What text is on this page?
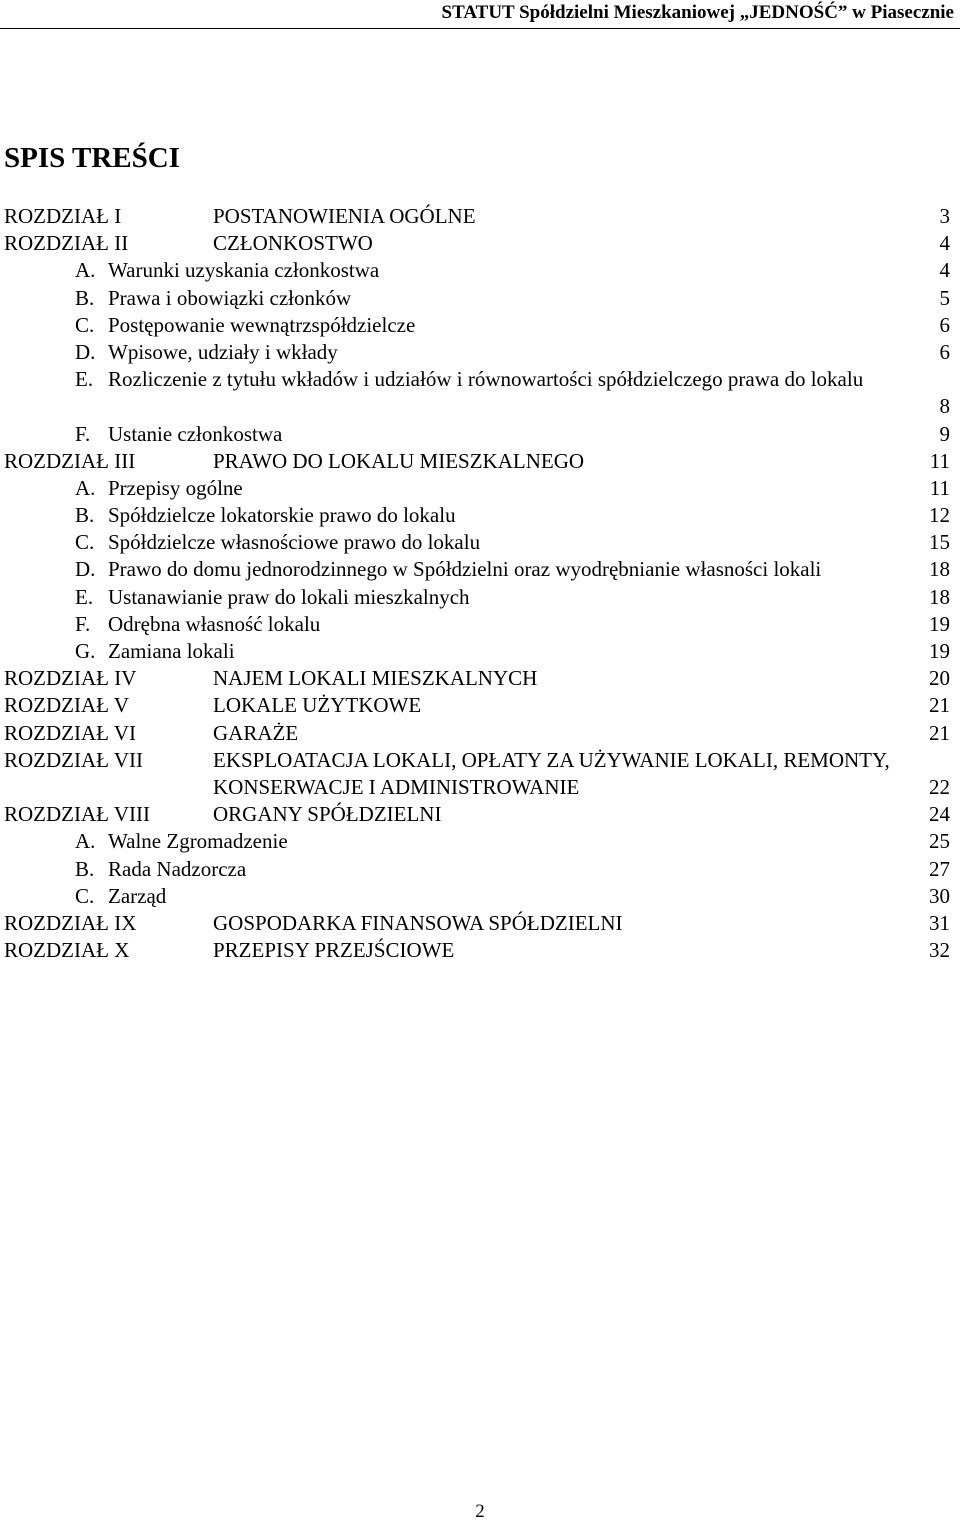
STATUT Spółdzielni Mieszkaniowej „JEDNOŚĆ” w Piasecznie
SPIS TREŚCI
ROZDZIAŁ I	POSTANOWIENIA OGÓLNE	3
ROZDZIAŁ II	CZŁONKOSTWO	4
A. Warunki uzyskania członkostwa	4
B. Prawa i obowiązki członków	5
C. Postępowanie wewnątrzspółdzielcze	6
D. Wpisowe, udziały i wkłady	6
E. Rozliczenie z tytułu wkładów i udziałów i równowartości spółdzielczego prawa do lokalu
8
F. Ustanie członkostwa	9
ROZDZIAŁ III	PRAWO DO LOKALU MIESZKALNEGO	11
A. Przepisy ogólne	11
B. Spółdzielcze lokatorskie prawo do lokalu	12
C. Spółdzielcze własnościowe prawo do lokalu	15
D. Prawo do domu jednorodzinnego w Spółdzielni oraz wyodrębnianie własności lokali	18
E. Ustanawianie praw do lokali mieszkalnych	18
F. Odrębna własność lokalu	19
G. Zamiana lokali	19
ROZDZIAŁ IV	NAJEM LOKALI MIESZKALNYCH	20
ROZDZIAŁ V	LOKALE UŻYTKOWE	21
ROZDZIAŁ VI	GARAŻE	21
ROZDZIAŁ VII	EKSPLOATACJA LOKALI, OPŁATY ZA UŻYWANIE LOKALI, REMONTY, KONSERWACJE I ADMINISTROWANIE	22
ROZDZIAŁ VIII	ORGANY SPÓŁDZIELNI	24
A. Walne Zgromadzenie	25
B. Rada Nadzorcza	27
C. Zarząd	30
ROZDZIAŁ IX	GOSPODARKA FINANSOWA SPÓŁDZIELNI	31
ROZDZIAŁ X	PRZEPISY PRZEJŚCIOWE	32
2
